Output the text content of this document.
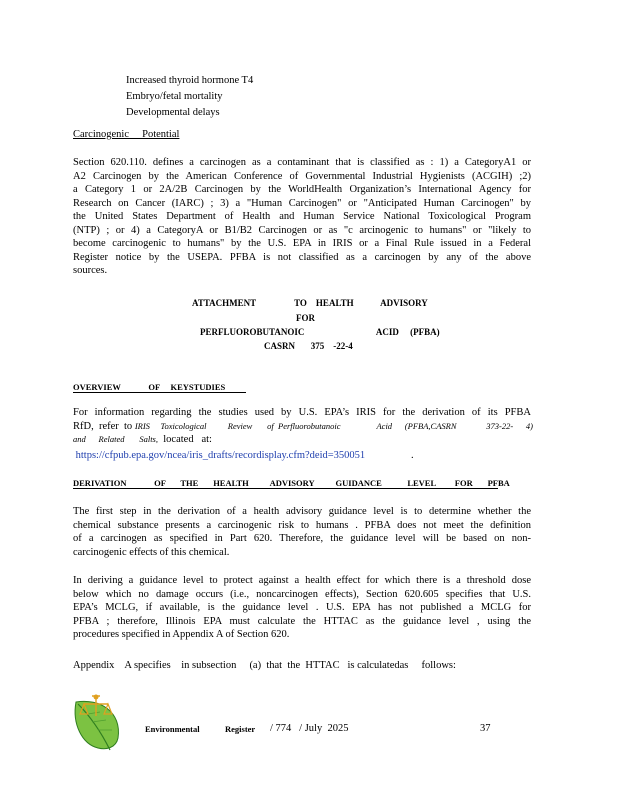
Increased thyroid hormone T4
Embryo/fetal mortality
Developmental delays
Carcinogenic     Potential
Section 620.110. defines a carcinogen as a contaminant that is classified as : 1) a CategoryA1 or
A2 Carcinogen by the American Conference of Governmental Industrial Hygienists (ACGIH) ;2)
a Category 1 or 2A/2B Carcinogen by the WorldHealth Organization’s International Agency for
Research on Cancer (IARC) ; 3) a "Human Carcinogen" or "Anticipated Human Carcinogen" by
the United States Department of Health and Human Service National Toxicological Program
(NTP) ; or 4) a CategoryA or B1/B2 Carcinogen or as "c arcinogenic to humans" or "likely to
become carcinogenic to humans" by the U.S. EPA in IRIS or a Final Rule issued in a Federal
Register notice by the USEPA. PFBA is not classified as a carcinogen by any of the above
sources.
ATTACHMENT                 TO    HEALTH            ADVISORY
FOR
PERFLUOROBUTANOIC                                ACID     (PFBA)
CASRN       375    -22-4
OVERVIEW             OF     KEYSTUDIES
For information regarding the studies used by U.S. EPA’s IRIS for the derivation of its PFBA
RfD,  refer  to IRIS     Toxicological          Review       of  Perfluorobutanoic                 Acid      (PFBA,CASRN              373-22-      4)
and      Related       Salts,  located   at:
https://cfpub.epa.gov/ncea/iris_drafts/recordisplay.cfm?deid=350051	.
DERIVATION             OF       THE       HEALTH          ADVISORY          GUIDANCE            LEVEL         FOR       PFBA
The first step in the derivation of a health advisory guidance level is to determine whether the
chemical substance presents a carcinogenic risk to humans . PFBA does not meet the definition
of a carcinogen as specified in Part 620. Therefore, the guidance level will be based on non-
carcinogenic effects of this chemical.
In deriving a guidance level to protect against a health effect for which there is a threshold dose
below which no damage occurs (i.e., noncarcinogen effects), Section 620.605 specifies that U.S.
EPA’s MCLG, if available, is the guidance level . U.S. EPA has not published a MCLG for
PFBA ; therefore, Illinois EPA must calculate the HTTAC as the guidance level , using the
procedures specified in Appendix A of Section 620.
Appendix    A specifies    in subsection     (a)  that  the  HTTAC   is calculatedas     follows:
Environmental	Register / 774   / July  2025	37
